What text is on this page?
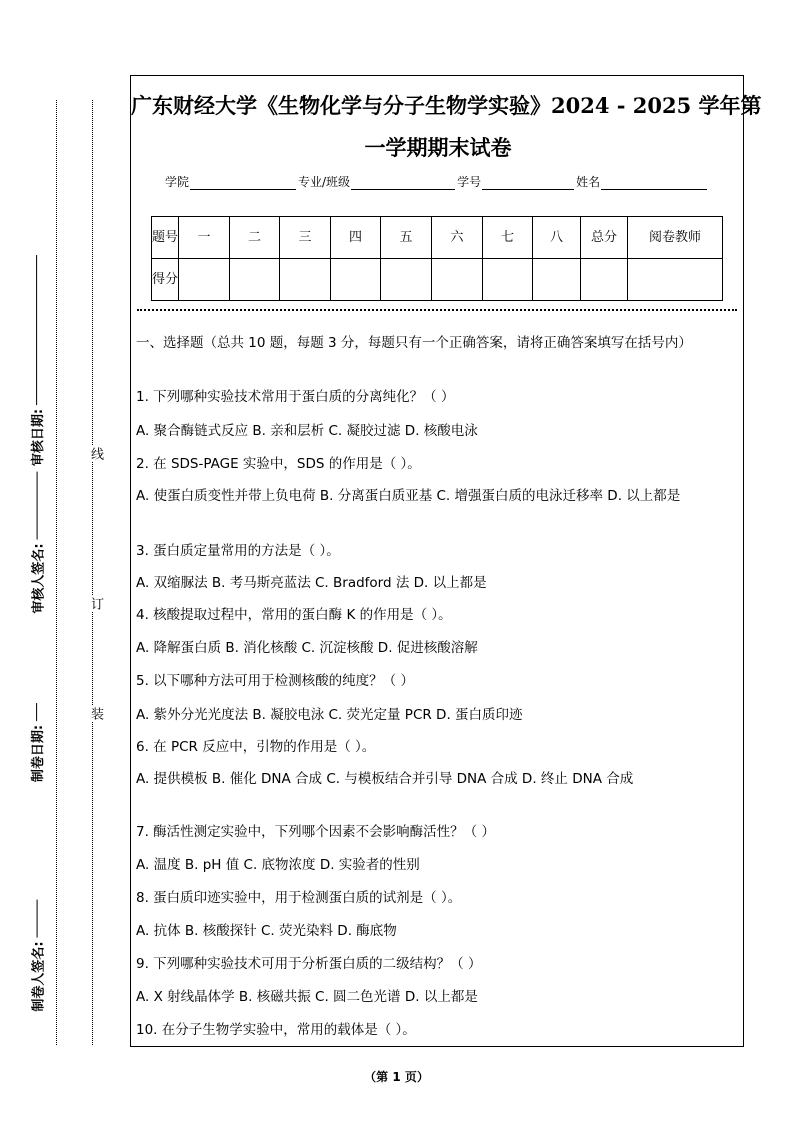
线
订
装
审核日期:
审核人签名:
制卷日期:
制卷人签名:
广东财经大学《生物化学与分子生物学实验》2024 - 2025 学年第
一学期期末试卷
学院	专业/班级	学号	姓名
题号	一	二	三	四	五	六	七	八	总分	阅卷教师
得分										
一、选择题（总共 10 题，每题 3 分，每题只有一个正确答案，请将正确答案填写在括号内）
1. 下列哪种实验技术常用于蛋白质的分离纯化？（ ）
A. 聚合酶链式反应 B. 亲和层析 C. 凝胶过滤 D. 核酸电泳
2. 在 SDS-PAGE 实验中，SDS 的作用是（ ）。
A. 使蛋白质变性并带上负电荷 B. 分离蛋白质亚基 C. 增强蛋白质的电泳迁移率 D. 以上都是
3. 蛋白质定量常用的方法是（ ）。
A. 双缩脲法 B. 考马斯亮蓝法 C. Bradford 法 D. 以上都是
4. 核酸提取过程中，常用的蛋白酶 K 的作用是（ ）。
A. 降解蛋白质 B. 消化核酸 C. 沉淀核酸 D. 促进核酸溶解
5. 以下哪种方法可用于检测核酸的纯度？（ ）
A. 紫外分光光度法 B. 凝胶电泳 C. 荧光定量 PCR D. 蛋白质印迹
6. 在 PCR 反应中，引物的作用是（ ）。
A. 提供模板 B. 催化 DNA 合成 C. 与模板结合并引导 DNA 合成 D. 终止 DNA 合成
7. 酶活性测定实验中，下列哪个因素不会影响酶活性？（ ）
A. 温度 B. pH 值 C. 底物浓度 D. 实验者的性别
8. 蛋白质印迹实验中，用于检测蛋白质的试剂是（ ）。
A. 抗体 B. 核酸探针 C. 荧光染料 D. 酶底物
9. 下列哪种实验技术可用于分析蛋白质的二级结构？（ ）
A. X 射线晶体学 B. 核磁共振 C. 圆二色光谱 D. 以上都是
10. 在分子生物学实验中，常用的载体是（ ）。
（第 1 页）
